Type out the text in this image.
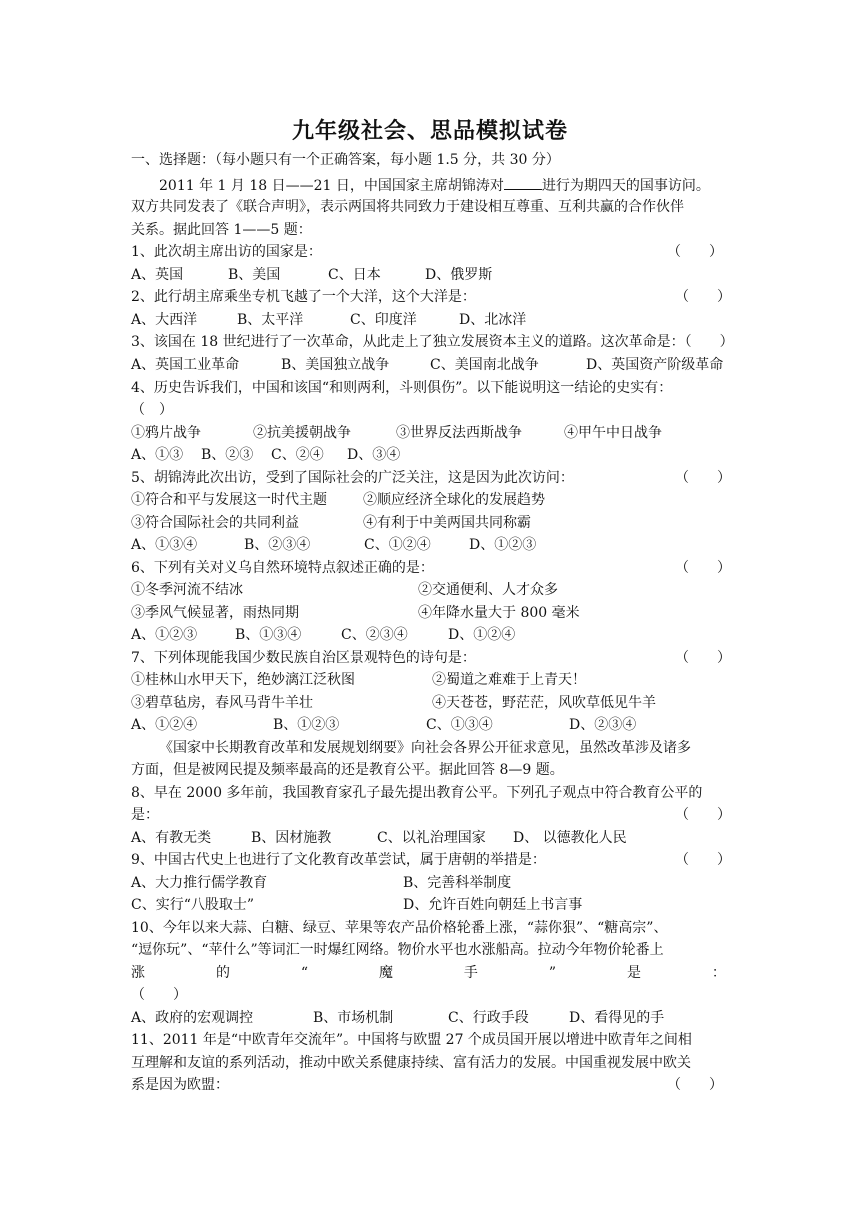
九年级社会、思品模拟试卷
一、选择题：（每小题只有一个正确答案，每小题 1.5 分，共 30 分）
2011 年 1 月 18 日——21 日，中国国家主席胡锦涛对	进行为期四天的国事访问。
双方共同发表了《联合声明》，表示两国将共同致力于建设相互尊重、互利共赢的合作伙伴
关系。据此回答 1——5 题：
1、此次胡主席出访的国家是：	（　　）
A、英国	B、美国	C、日本	D、俄罗斯
2、此行胡主席乘坐专机飞越了一个大洋，这个大洋是：	（　　）
A、大西洋	B、太平洋	C、印度洋	D、北冰洋
3、该国在 18 世纪进行了一次革命，从此走上了独立发展资本主义的道路。这次革命是：（　　）
A、英国工业革命	B、美国独立战争	C、美国南北战争	D、英国资产阶级革命
4、历史告诉我们，中国和该国“和则两利，斗则俱伤”。以下能说明这一结论的史实有：
（　）
①鸦片战争	②抗美援朝战争	③世界反法西斯战争	④甲午中日战争
A、①③	B、②③	C、②④	D、③④
5、胡锦涛此次出访，受到了国际社会的广泛关注，这是因为此次访问：	（　　）
①符合和平与发展这一时代主题	②顺应经济全球化的发展趋势
③符合国际社会的共同利益	④有利于中美两国共同称霸
A、①③④	B、②③④	C、①②④	D、①②③
6、下列有关对义乌自然环境特点叙述正确的是：	（　　）
①冬季河流不结冰	②交通便利、人才众多
③季风气候显著，雨热同期	④年降水量大于 800 毫米
A、①②③	B、①③④	C、②③④	D、①②④
7、下列体现能我国少数民族自治区景观特色的诗句是：	（　　）
①桂林山水甲天下，绝妙漓江泛秋图	②蜀道之难难于上青天！
③碧草毡房，春风马背牛羊壮	④天苍苍，野茫茫，风吹草低见牛羊
A、①②④	B、①②③	C、①③④	D、②③④
《国家中长期教育改革和发展规划纲要》向社会各界公开征求意见，虽然改革涉及诸多
方面，但是被网民提及频率最高的还是教育公平。据此回答 8—9 题。
8、早在 2000 多年前，我国教育家孔子最先提出教育公平。下列孔子观点中符合教育公平的
是：	（　　）
A、有教无类	B、因材施教	C、以礼治理国家	D、 以德教化人民
9、中国古代史上也进行了文化教育改革尝试，属于唐朝的举措是：	（　　）
A、大力推行儒学教育	B、完善科举制度
C、实行“八股取士”	D、允许百姓向朝廷上书言事
10、今年以来大蒜、白糖、绿豆、苹果等农产品价格轮番上涨，“蒜你狠”、“糖高宗”、
“逗你玩”、“苹什么”等词汇一时爆红网络。物价水平也水涨船高。拉动今年物价轮番上
涨	的	“	魔	手	”	是	：
（　　）
A、政府的宏观调控	B、市场机制	C、行政手段	D、看得见的手
11、2011 年是“中欧青年交流年”。中国将与欧盟 27 个成员国开展以增进中欧青年之间相
互理解和友谊的系列活动，推动中欧关系健康持续、富有活力的发展。中国重视发展中欧关
系是因为欧盟：	（　　）
